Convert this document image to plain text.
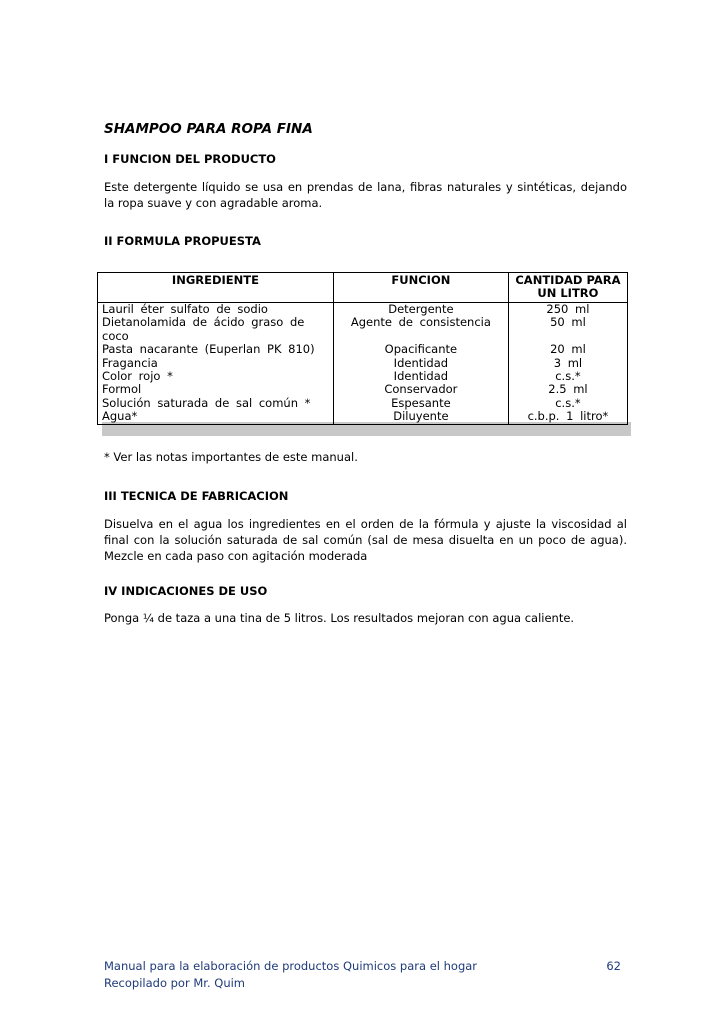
SHAMPOO PARA ROPA FINA
I FUNCION DEL PRODUCTO
Este detergente líquido se usa en prendas de lana, fibras naturales y sintéticas, dejando la ropa suave y con agradable aroma.
II FORMULA PROPUESTA
INGREDIENTE	FUNCION	CANTIDAD PARA UN LITRO
Lauril éter sulfato de sodio	Detergente	250 ml
Dietanolamida de ácido graso de coco	Agente de consistencia	50 ml
Pasta nacarante (Euperlan PK 810)	Opacificante	20 ml
Fragancia	Identidad	3 ml
Color rojo *	Identidad	c.s.*
Formol	Conservador	2.5 ml
Solución saturada de sal común *	Espesante	c.s.*
Agua*	Diluyente	c.b.p. 1 litro*
* Ver las notas importantes de este manual.
III TECNICA DE FABRICACION
Disuelva en el agua los ingredientes en el orden de la fórmula y ajuste la viscosidad al final con la solución saturada de sal común (sal de mesa disuelta en un poco de agua). Mezcle en cada paso con agitación moderada
IV INDICACIONES DE USO
Ponga ¼ de taza a una tina de 5 litros. Los resultados mejoran con agua caliente.
Manual para la elaboración de productos Quimicos para el hogar
Recopilado por Mr. Quim
62
